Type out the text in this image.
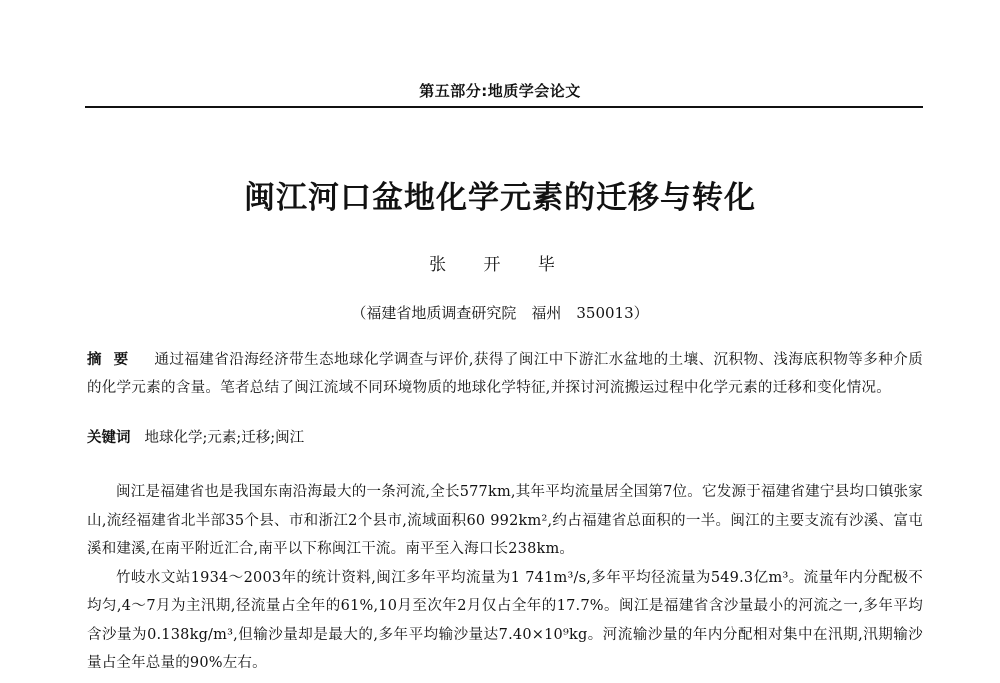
第五部分:地质学会论文
闽江河口盆地化学元素的迁移与转化
张 开 毕
（福建省地质调查研究院　福州　350013）
摘要 通过福建省沿海经济带生态地球化学调查与评价,获得了闽江中下游汇水盆地的土壤、沉积物、浅海底积物等多种介质的化学元素的含量。笔者总结了闽江流域不同环境物质的地球化学特征,并探讨河流搬运过程中化学元素的迁移和变化情况。
关键词 地球化学;元素;迁移;闽江

闽江是福建省也是我国东南沿海最大的一条河流,全长577km,其年平均流量居全国第7位。它发源于福建省建宁县均口镇张家山,流经福建省北半部35个县、市和浙江2个县市,流域面积60 992km²,约占福建省总面积的一半。闽江的主要支流有沙溪、富屯溪和建溪,在南平附近汇合,南平以下称闽江干流。南平至入海口长238km。

竹岐水文站1934～2003年的统计资料,闽江多年平均流量为1 741m³/s,多年平均径流量为549.3亿m³。流量年内分配极不均匀,4～7月为主汛期,径流量占全年的61%,10月至次年2月仅占全年的17.7%。闽江是福建省含沙量最小的河流之一,多年平均含沙量为0.138kg/m³,但输沙量却是最大的,多年平均输沙量达7.40×10⁹kg。河流输沙量的年内分配相对集中在汛期,汛期输沙量占全年总量的90%左右。
